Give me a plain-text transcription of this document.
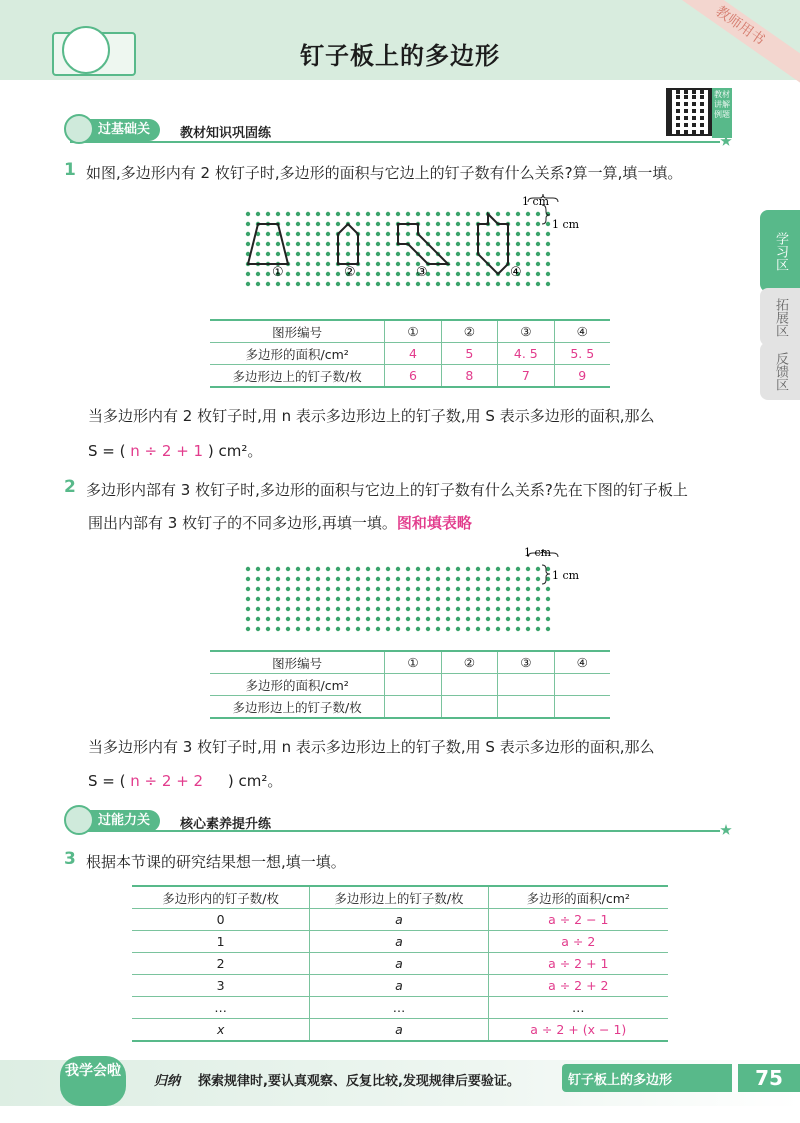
钉子板上的多边形
教师用书
教材讲解例题
学习区
拓展区
反馈区
过基础关	教材知识巩固练
1 如图,多边形内有 2 枚钉子时,多边形的面积与它边上的钉子数有什么关系?算一算,填一填。
1 cm
1 cm
①	②	③	④
图形编号	①	②	③	④
多边形的面积/cm²	4	5	4. 5	5. 5
多边形边上的钉子数/枚	6	8	7	9
当多边形内有 2 枚钉子时,用 n 表示多边形边上的钉子数,用 S 表示多边形的面积,那么
S = ( n ÷ 2 + 1 ) cm²。
2 多边形内部有 3 枚钉子时,多边形的面积与它边上的钉子数有什么关系?先在下图的钉子板上
围出内部有 3 枚钉子的不同多边形,再填一填。图和填表略
1 cm
1 cm
图形编号	①	②	③	④
多边形的面积/cm²				
多边形边上的钉子数/枚				
当多边形内有 3 枚钉子时,用 n 表示多边形边上的钉子数,用 S 表示多边形的面积,那么
S = ( n ÷ 2 + 2 ) cm²。
过能力关	核心素养提升练
3 根据本节课的研究结果想一想,填一填。
多边形内的钉子数/枚	多边形边上的钉子数/枚	多边形的面积/cm²
0	a	a ÷ 2 − 1
1	a	a ÷ 2
2	a	a ÷ 2 + 1
3	a	a ÷ 2 + 2
…	…	…
x	a	a ÷ 2 + (x − 1)
我学会啦
归纳 探索规律时,要认真观察、反复比较,发现规律后要验证。	钉子板上的多边形	75
